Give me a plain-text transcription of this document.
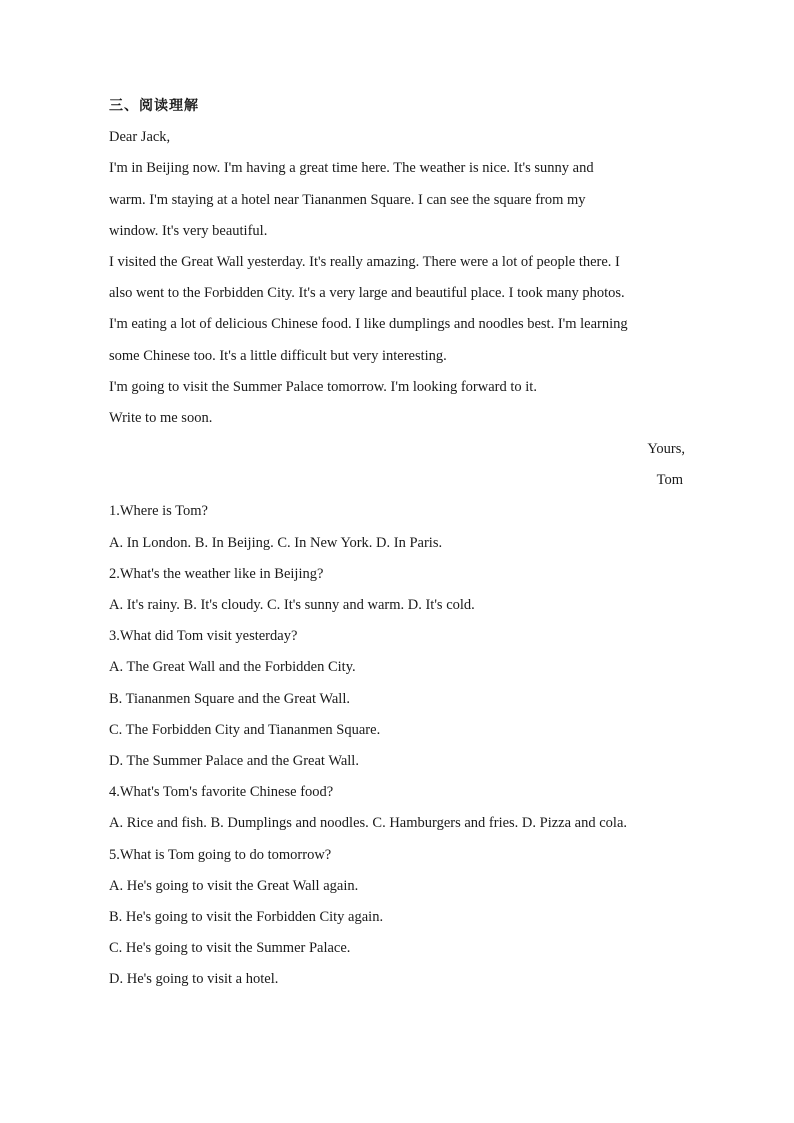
三、阅读理解
Dear Jack,
I'm in Beijing now. I'm having a great time here. The weather is nice. It's sunny and
warm. I'm staying at a hotel near Tiananmen Square. I can see the square from my
window. It's very beautiful.
I visited the Great Wall yesterday. It's really amazing. There were a lot of people there. I
also went to the Forbidden City. It's a very large and beautiful place. I took many photos.
I'm eating a lot of delicious Chinese food. I like dumplings and noodles best. I'm learning
some Chinese too. It's a little difficult but very interesting.
I'm going to visit the Summer Palace tomorrow. I'm looking forward to it.
Write to me soon.
Yours,
Tom
1.Where is Tom?
A. In London. B. In Beijing. C. In New York. D. In Paris.
2.What's the weather like in Beijing?
A. It's rainy. B. It's cloudy. C. It's sunny and warm. D. It's cold.
3.What did Tom visit yesterday?
A. The Great Wall and the Forbidden City.
B. Tiananmen Square and the Great Wall.
C. The Forbidden City and Tiananmen Square.
D. The Summer Palace and the Great Wall.
4.What's Tom's favorite Chinese food?
A. Rice and fish. B. Dumplings and noodles. C. Hamburgers and fries. D. Pizza and cola.
5.What is Tom going to do tomorrow?
A. He's going to visit the Great Wall again.
B. He's going to visit the Forbidden City again.
C. He's going to visit the Summer Palace.
D. He's going to visit a hotel.
